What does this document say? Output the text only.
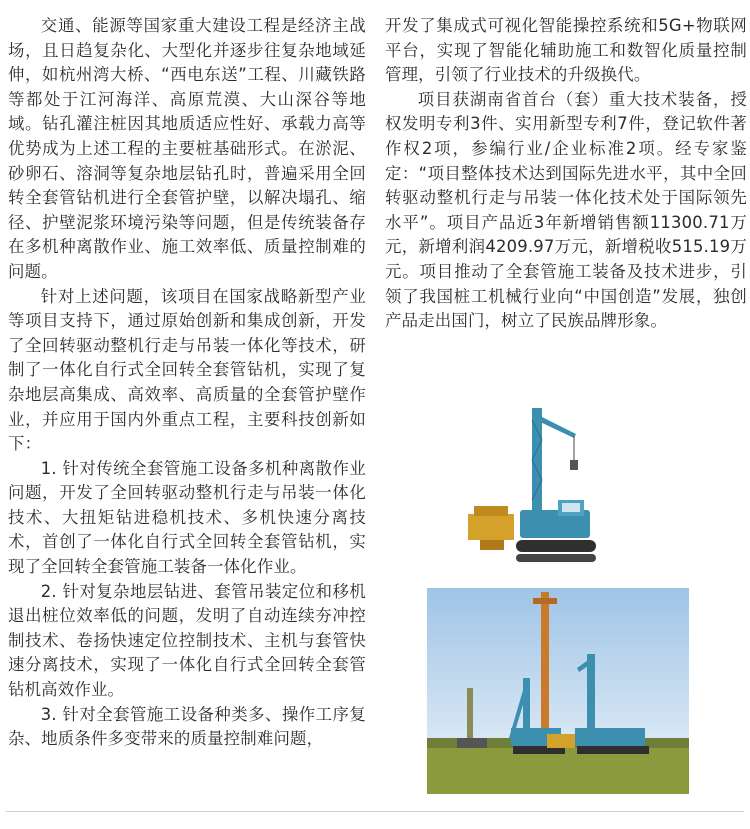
交通、能源等国家重大建设工程是经济主战场，且日趋复杂化、大型化并逐步往复杂地域延伸，如杭州湾大桥、“西电东送”工程、川藏铁路等都处于江河海洋、高原荒漠、大山深谷等地域。钻孔灌注桩因其地质适应性好、承载力高等优势成为上述工程的主要桩基础形式。在淤泥、砂卵石、溶洞等复杂地层钻孔时，普遍采用全回转全套管钻机进行全套管护壁，以解决塌孔、缩径、护壁泥浆环境污染等问题，但是传统装备存在多机种离散作业、施工效率低、质量控制难的问题。

针对上述问题，该项目在国家战略新型产业等项目支持下，通过原始创新和集成创新，开发了全回转驱动整机行走与吊装一体化等技术，研制了一体化自行式全回转全套管钻机，实现了复杂地层高集成、高效率、高质量的全套管护壁作业，并应用于国内外重点工程，主要科技创新如下：

1. 针对传统全套管施工设备多机种离散作业问题，开发了全回转驱动整机行走与吊装一体化技术、大扭矩钻进稳机技术、多机快速分离技术，首创了一体化自行式全回转全套管钻机，实现了全回转全套管施工装备一体化作业。

2. 针对复杂地层钻进、套管吊装定位和移机退出桩位效率低的问题，发明了自动连续夯冲控制技术、卷扬快速定位控制技术、主机与套管快速分离技术，实现了一体化自行式全回转全套管钻机高效作业。

3. 针对全套管施工设备种类多、操作工序复杂、地质条件多变带来的质量控制难问题，

开发了集成式可视化智能操控系统和5G+物联网平台，实现了智能化辅助施工和数智化质量控制管理，引领了行业技术的升级换代。

项目获湖南省首台（套）重大技术装备，授权发明专利3件、实用新型专利7件，登记软件著作权2项，参编行业/企业标准2项。经专家鉴定：“项目整体技术达到国际先进水平，其中全回转驱动整机行走与吊装一体化技术处于国际领先水平”。项目产品近3年新增销售额11300.71万元，新增利润4209.97万元，新增税收515.19万元。项目推动了全套管施工装备及技术进步，引领了我国桩工机械行业向“中国创造”发展，独创产品走出国门，树立了民族品牌形象。
